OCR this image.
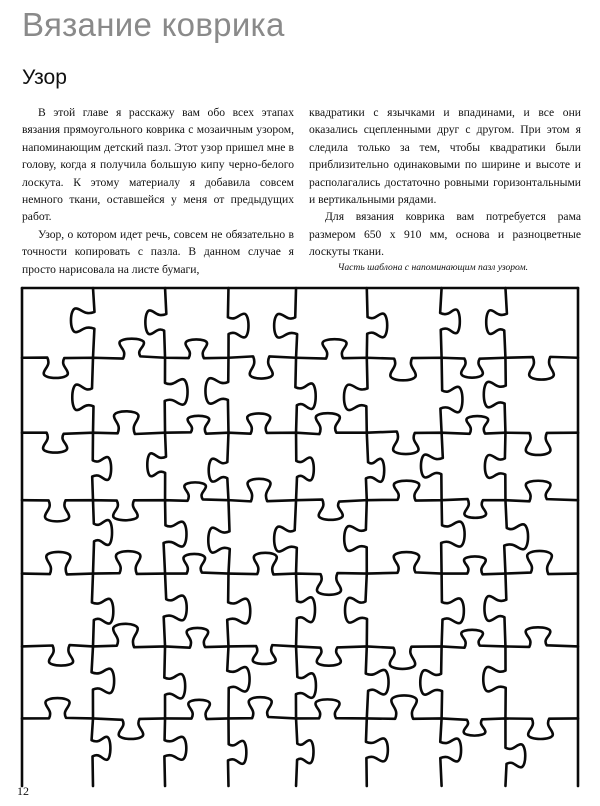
Вязание коврика
Узор

В этой главе я расскажу вам обо всех этапах вязания прямоугольного коврика с мозаичным узором, напоминающим детский пазл. Этот узор пришел мне в голову, когда я получила большую кипу черно-белого лоскута. К этому материалу я добавила совсем немного ткани, оставшейся у меня от предыдущих работ.

Узор, о котором идет речь, совсем не обязательно в точности копировать с пазла. В данном случае я просто нарисовала на листе бумаги,

квадратики с язычками и впадинами, и все они оказались сцепленными друг с другом. При этом я следила только за тем, чтобы квадратики были приблизительно одинаковыми по ширине и высоте и располагались достаточно ровными горизонтальными и вертикальными рядами.

Для вязания коврика вам потребуется рама размером 650 х 910 мм, основа и разноцветные лоскуты ткани.

Часть шаблона с напоминающим пазл узором.
12
